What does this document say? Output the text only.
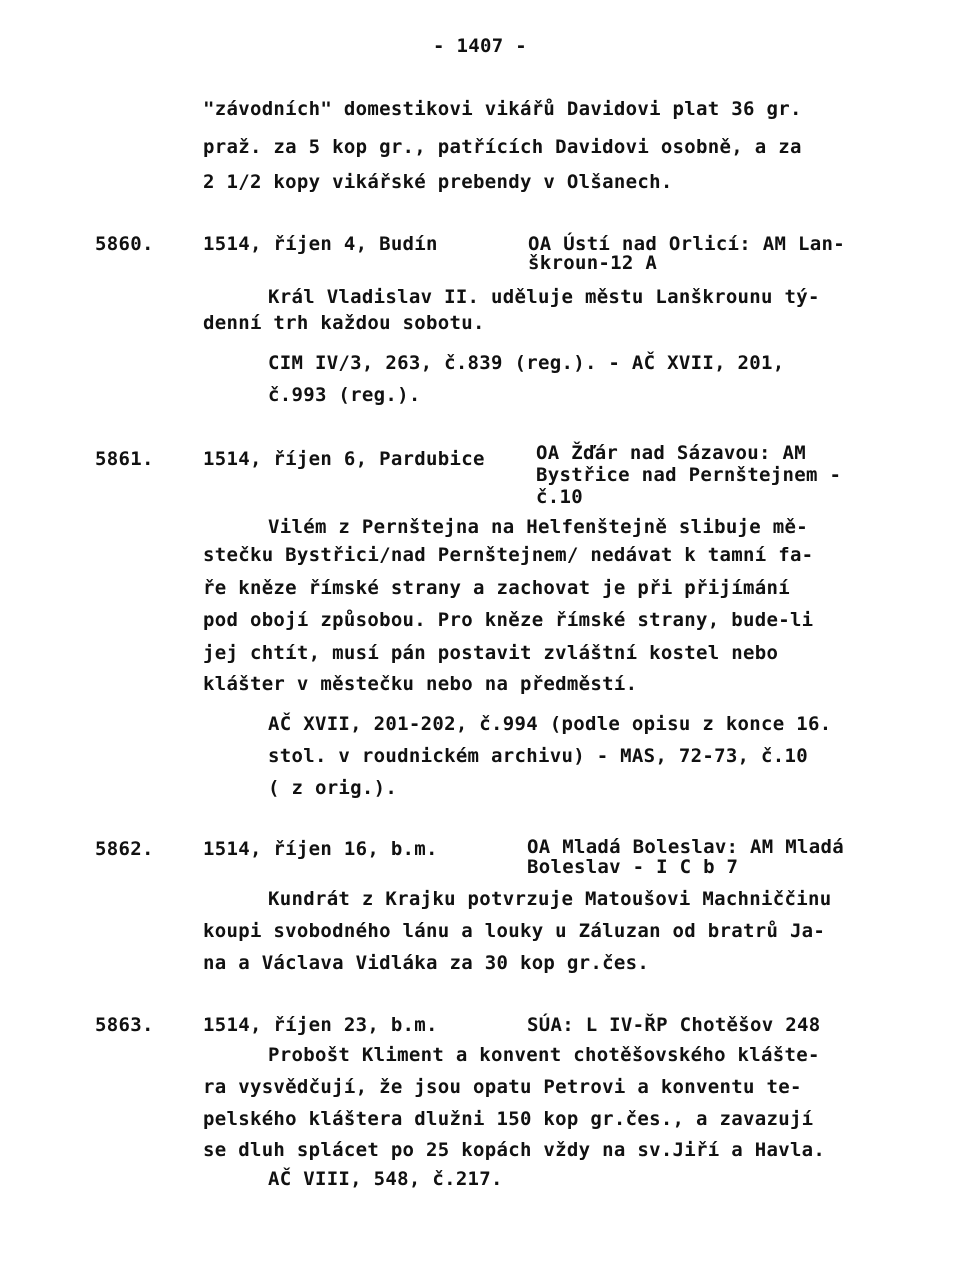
- 1407 -
"závodních" domestikovi vikářů Davidovi plat 36 gr.
praž. za 5 kop gr., patřících Davidovi osobně, a za
2 1/2 kopy vikářské prebendy v Olšanech.
5860.	1514, říjen 4, Budín	OA Ústí nad Orlicí: AM Lan-
škroun-12 A
Král Vladislav II. uděluje městu Lanškrounu tý-
denní trh každou sobotu.
CIM IV/3, 263, č.839 (reg.). - AČ XVII, 201,
č.993 (reg.).
5861.	1514, říjen 6, Pardubice	OA Žďár nad Sázavou: AM
Bystřice nad Pernštejnem -
č.10
Vilém z Pernštejna na Helfenštejně slibuje mě-
stečku Bystřici/nad Pernštejnem/ nedávat k tamní fa-
ře kněze římské strany a zachovat je při přijímání
pod obojí způsobou. Pro kněze římské strany, bude-li
jej chtít, musí pán postavit zvláštní kostel nebo
klášter v městečku nebo na předměstí.
AČ XVII, 201-202, č.994 (podle opisu z konce 16.
stol. v roudnickém archivu) - MAS, 72-73, č.10
( z orig.).
5862.	1514, říjen 16, b.m.	OA Mladá Boleslav: AM Mladá
Boleslav - I C b 7
Kundrát z Krajku potvrzuje Matoušovi Machniččinu
koupi svobodného lánu a louky u Záluzan od bratrů Ja-
na a Václava Vidláka za 30 kop gr.čes.
5863.	1514, říjen 23, b.m.	SÚA: L IV-ŘP Chotěšov 248
Probošt Kliment a konvent chotěšovského klášte-
ra vysvědčují, že jsou opatu Petrovi a konventu te-
pelského kláštera dlužni 150 kop gr.čes., a zavazují
se dluh splácet po 25 kopách vždy na sv.Jiří a Havla.
AČ VIII, 548, č.217.
